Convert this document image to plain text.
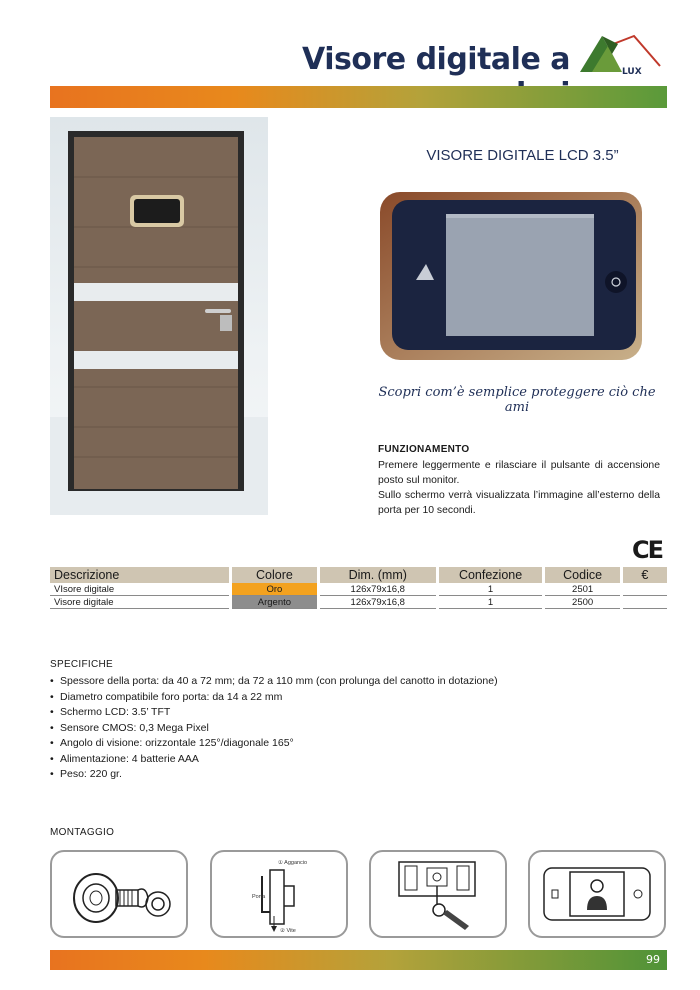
Visore digitale a	LUX
VISORE DIGITALE LCD 3.5”
Scopri com’è semplice proteggere ciò che ami
FUNZIONAMENTO

Premere leggermente e rilasciare il pulsante di accensione posto sul monitor.

Sullo schermo verrà visualizzata l’immagine all’esterno della porta per 10 secondi.

CE
Descrizione	Colore	Dim. (mm)	Confezione	Codice	€
VIsore digitale	Oro	126x79x16,8	1	2501	
Visore digitale	Argento	126x79x16,8	1	2500	
SPECIFICHE
• Spessore della porta: da 40 a 72 mm; da 72 a 110 mm (con prolunga del canotto in dotazione)
• Diametro compatibile foro porta: da 14 a 22 mm
• Schermo LCD: 3.5’ TFT
• Sensore CMOS: 0,3 Mega Pixel
• Angolo di visione: orizzontale 125°/diagonale 165°
• Alimentazione: 4 batterie AAA
• Peso: 220 gr.
MONTAGGIO
① Aggancio
Porta
② Vite
99
